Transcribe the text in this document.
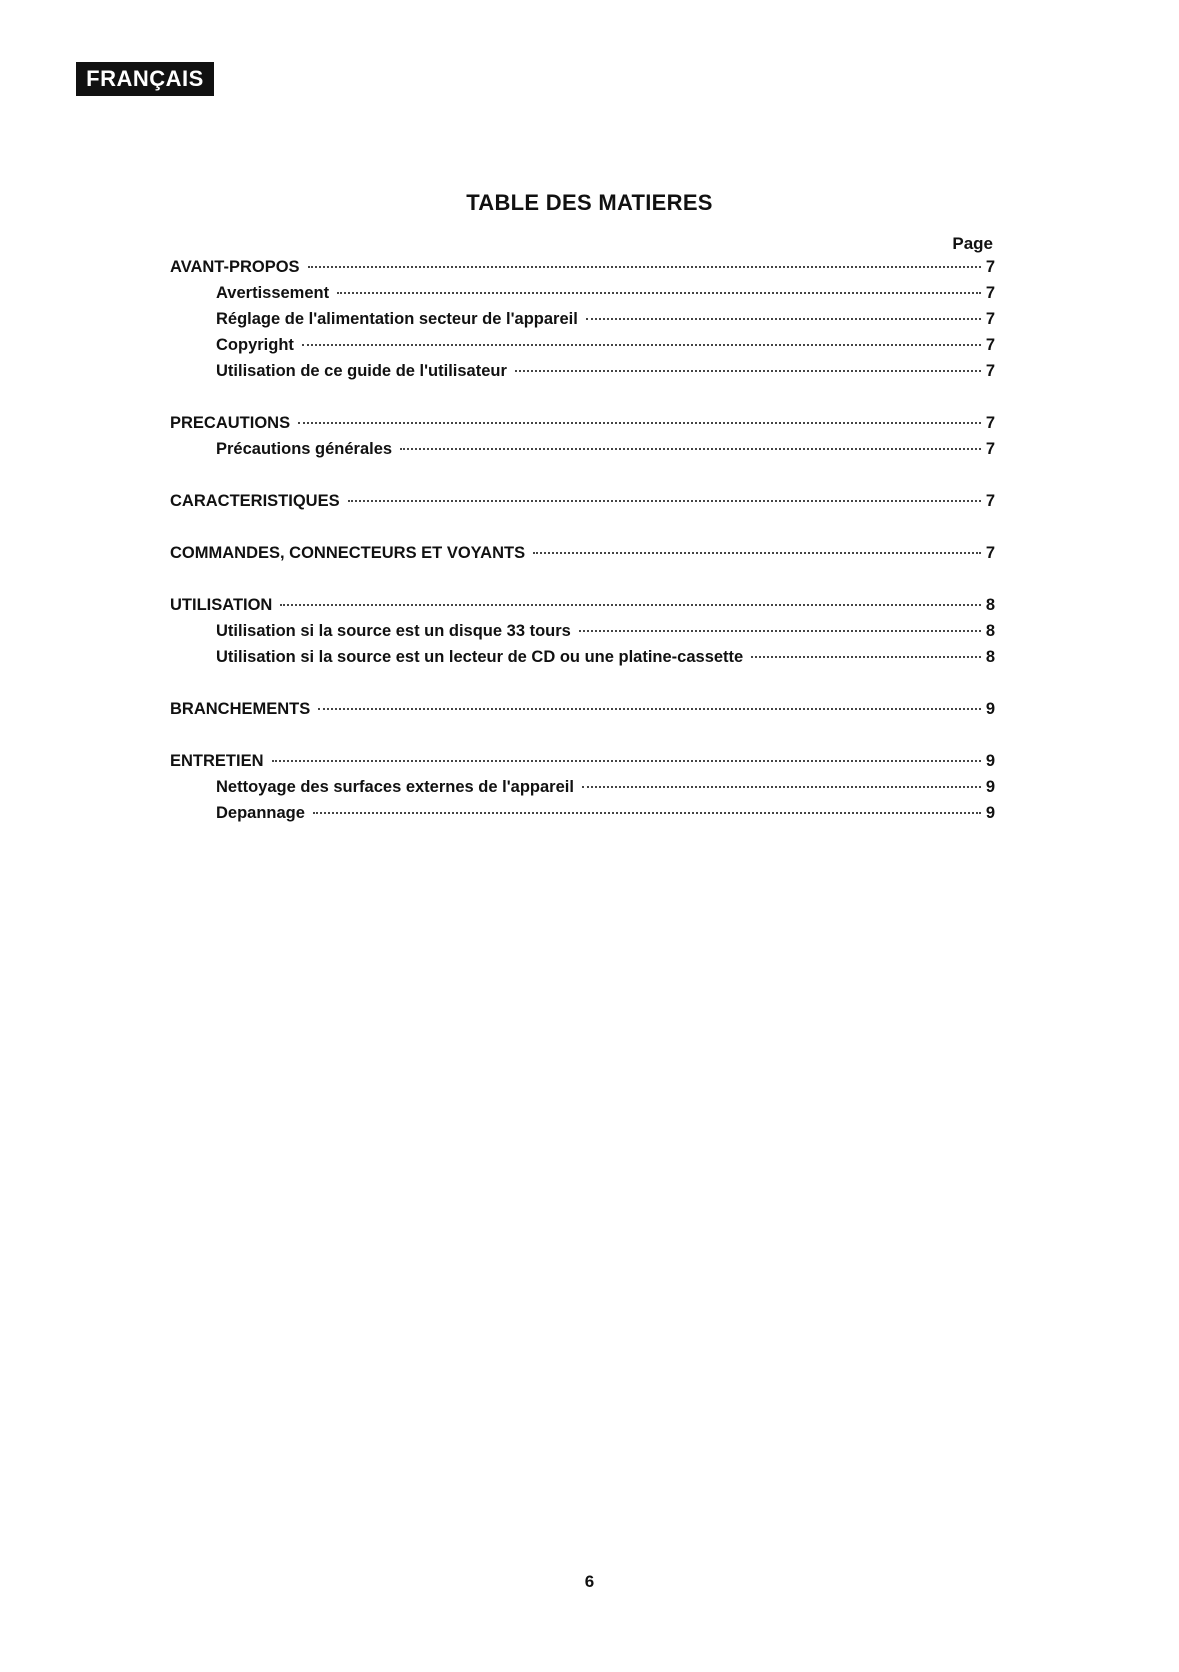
FRANÇAIS
TABLE DES MATIERES
Page
AVANT-PROPOS	7
Avertissement	7
Réglage de l'alimentation secteur de l'appareil	7
Copyright	7
Utilisation de ce guide de l'utilisateur	7
PRECAUTIONS	7
Précautions générales	7
CARACTERISTIQUES	7
COMMANDES, CONNECTEURS ET VOYANTS	7
UTILISATION	8
Utilisation si la source est un disque 33 tours	8
Utilisation si la source est un lecteur de CD ou une platine-cassette	8
BRANCHEMENTS	9
ENTRETIEN	9
Nettoyage des surfaces externes de l'appareil	9
Depannage	9
6
